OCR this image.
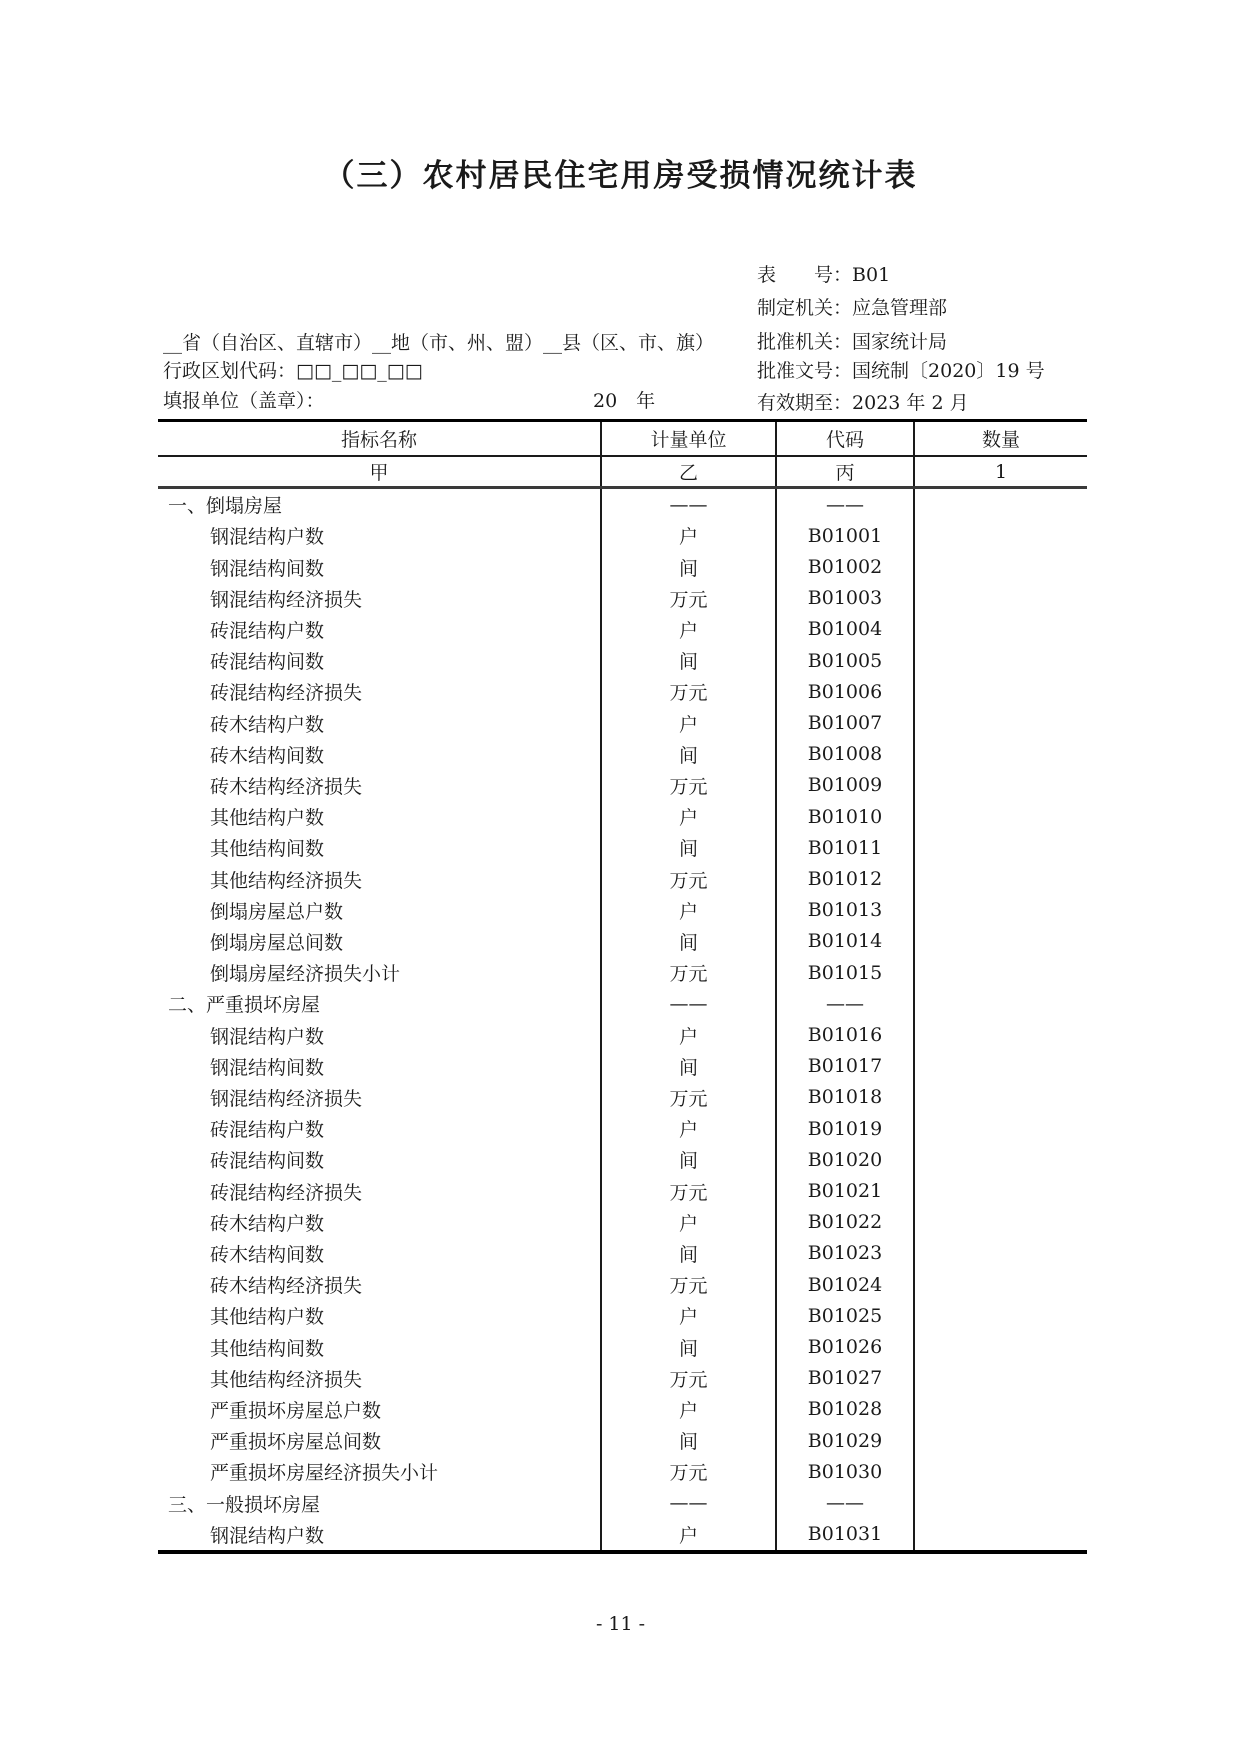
（三）农村居民住宅用房受损情况统计表
__省（自治区、直辖市）__地（市、州、盟）__县（区、市、旗）
行政区划代码：□□_□□_□□
填报单位（盖章）：	20　年
表　　号：B01
制定机关：应急管理部
批准机关：国家统计局
批准文号：国统制〔2020〕19 号
有效期至：2023 年 2 月
指标名称	计量单位	代码	数量
甲	乙	丙	1
一、倒塌房屋	——	——
钢混结构户数	户	B01001
钢混结构间数	间	B01002
钢混结构经济损失	万元	B01003
砖混结构户数	户	B01004
砖混结构间数	间	B01005
砖混结构经济损失	万元	B01006
砖木结构户数	户	B01007
砖木结构间数	间	B01008
砖木结构经济损失	万元	B01009
其他结构户数	户	B01010
其他结构间数	间	B01011
其他结构经济损失	万元	B01012
倒塌房屋总户数	户	B01013
倒塌房屋总间数	间	B01014
倒塌房屋经济损失小计	万元	B01015
二、严重损坏房屋	——	——
钢混结构户数	户	B01016
钢混结构间数	间	B01017
钢混结构经济损失	万元	B01018
砖混结构户数	户	B01019
砖混结构间数	间	B01020
砖混结构经济损失	万元	B01021
砖木结构户数	户	B01022
砖木结构间数	间	B01023
砖木结构经济损失	万元	B01024
其他结构户数	户	B01025
其他结构间数	间	B01026
其他结构经济损失	万元	B01027
严重损坏房屋总户数	户	B01028
严重损坏房屋总间数	间	B01029
严重损坏房屋经济损失小计	万元	B01030
三、一般损坏房屋	——	——
钢混结构户数	户	B01031
- 11 -
